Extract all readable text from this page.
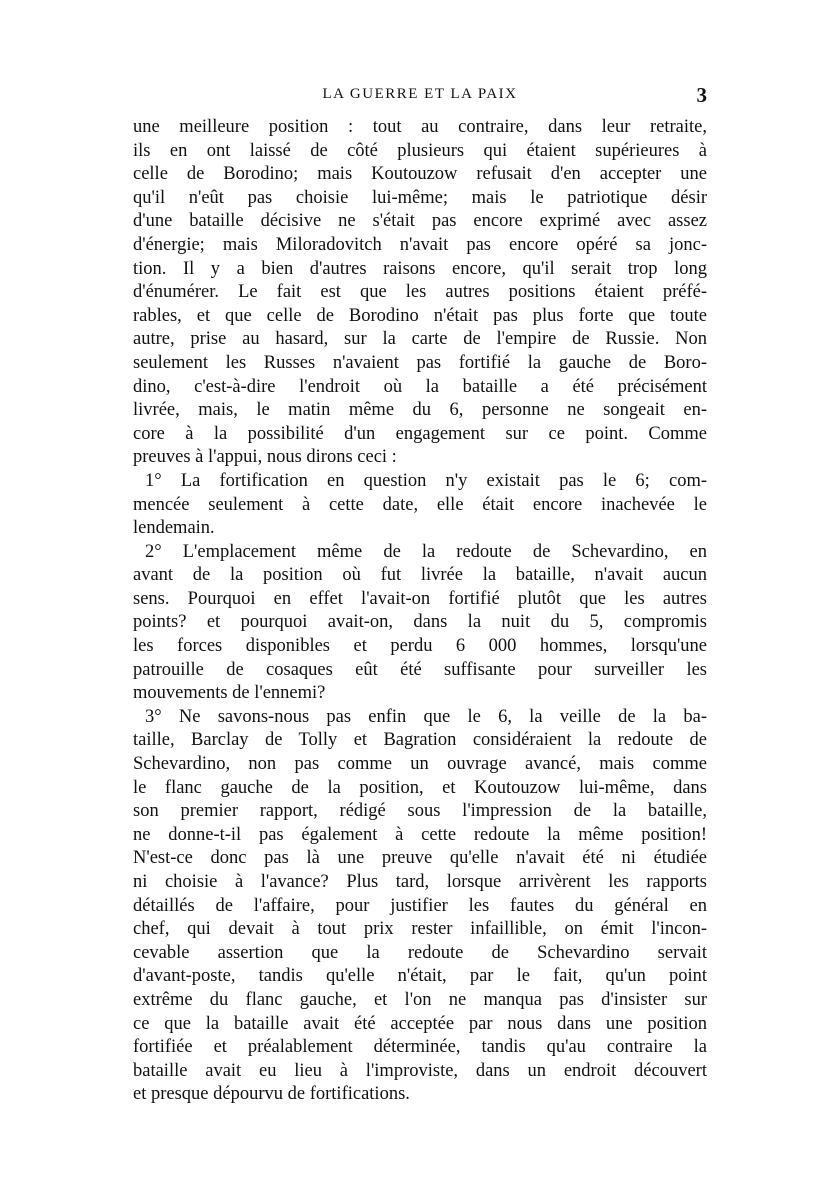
LA GUERRE ET LA PAIX	3
une meilleure position : tout au contraire, dans leur retraite,
ils en ont laissé de côté plusieurs qui étaient supérieures à
celle de Borodino; mais Koutouzow refusait d'en accepter une
qu'il n'eût pas choisie lui-même; mais le patriotique désir
d'une bataille décisive ne s'était pas encore exprimé avec assez
d'énergie; mais Miloradovitch n'avait pas encore opéré sa jonc-
tion. Il y a bien d'autres raisons encore, qu'il serait trop long
d'énumérer. Le fait est que les autres positions étaient préfé-
rables, et que celle de Borodino n'était pas plus forte que toute
autre, prise au hasard, sur la carte de l'empire de Russie. Non
seulement les Russes n'avaient pas fortifié la gauche de Boro-
dino, c'est-à-dire l'endroit où la bataille a été précisément
livrée, mais, le matin même du 6, personne ne songeait en-
core à la possibilité d'un engagement sur ce point. Comme
preuves à l'appui, nous dirons ceci :
1° La fortification en question n'y existait pas le 6; com-
mencée seulement à cette date, elle était encore inachevée le
lendemain.
2° L'emplacement même de la redoute de Schevardino, en
avant de la position où fut livrée la bataille, n'avait aucun
sens. Pourquoi en effet l'avait-on fortifié plutôt que les autres
points? et pourquoi avait-on, dans la nuit du 5, compromis
les forces disponibles et perdu 6 000 hommes, lorsqu'une
patrouille de cosaques eût été suffisante pour surveiller les
mouvements de l'ennemi?
3° Ne savons-nous pas enfin que le 6, la veille de la ba-
taille, Barclay de Tolly et Bagration considéraient la redoute de
Schevardino, non pas comme un ouvrage avancé, mais comme
le flanc gauche de la position, et Koutouzow lui-même, dans
son premier rapport, rédigé sous l'impression de la bataille,
ne donne-t-il pas également à cette redoute la même position!
N'est-ce donc pas là une preuve qu'elle n'avait été ni étudiée
ni choisie à l'avance? Plus tard, lorsque arrivèrent les rapports
détaillés de l'affaire, pour justifier les fautes du général en
chef, qui devait à tout prix rester infaillible, on émit l'incon-
cevable assertion que la redoute de Schevardino servait
d'avant-poste, tandis qu'elle n'était, par le fait, qu'un point
extrême du flanc gauche, et l'on ne manqua pas d'insister sur
ce que la bataille avait été acceptée par nous dans une position
fortifiée et préalablement déterminée, tandis qu'au contraire la
bataille avait eu lieu à l'improviste, dans un endroit découvert
et presque dépourvu de fortifications.
